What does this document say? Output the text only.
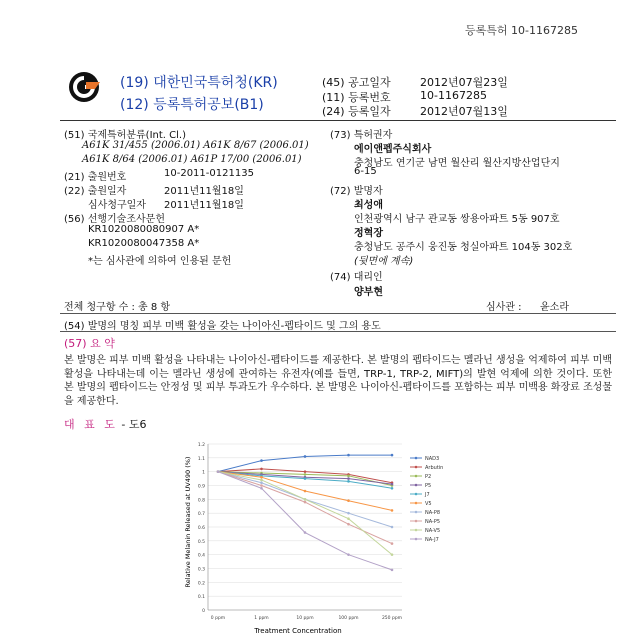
등록특허 10-1167285
(19) 대한민국특허청(KR)
(12) 등록특허공보(B1)
(45) 공고일자	2012년07월23일
(11) 등록번호	10-1167285
(24) 등록일자	2012년07월13일
(51) 국제특허분류(Int. Cl.)
A61K 31/455 (2006.01) A61K 8/67 (2006.01)
A61K 8/64 (2006.01) A61P 17/00 (2006.01)
(21) 출원번호	10-2011-0121135
(22) 출원일자	2011년11월18일
심사청구일자 2011년11월18일
(56) 선행기술조사문헌
KR1020080080907 A*
KR1020080047358 A*
*는 심사관에 의하여 인용된 문헌
(73) 특허권자
에이앤펩주식회사
충청남도 연기군 남면 월산리 월산지방산업단지
6-15
(72) 발명자
최성애
인천광역시 남구 관교동 쌍용아파트 5동 907호
정혁장
충청남도 공주시 웅진동 청실아파트 104동 302호
(뒷면에 계속)
(74) 대리인
양부현
전체 청구항 수 : 총 8 항	심사관 : 윤소라
(54) 발명의 명칭 피부 미백 활성을 갖는 나이아신-펩타이드 및 그의 용도
(57) 요 약
본 발명은 피부 미백 활성을 나타내는 나이아신-펩타이드를 제공한다. 본 발명의 펩타이드는 멜라닌 생성을 억제하여 피부 미백 활성을 나타내는데 이는 멜라닌 생성에 관여하는 유전자(예를 들면, TRP-1, TRP-2, MIFT)의 발현 억제에 의한 것이다. 또한 본 발명의 펩타이드는 안정성 및 피부 투과도가 우수하다. 본 발명은 나이아신-펩타이드를 포함하는 피부 미백용 화장료 조성물을 제공한다.
대 표 도 - 도6
0
0.1
0.2
0.3
0.4
0.5
0.6
0.7
0.8
0.9
1
1.1
1.2
0 ppm	1 ppm	10 ppm	100 ppm	250 ppm
NAD3
Arbutin
P2
P5
J7
V5
NA-P8
NA-P5
NA-V5
NA-J7
Treatment Concentration
Relative Melanin Released at UV490 (%)
